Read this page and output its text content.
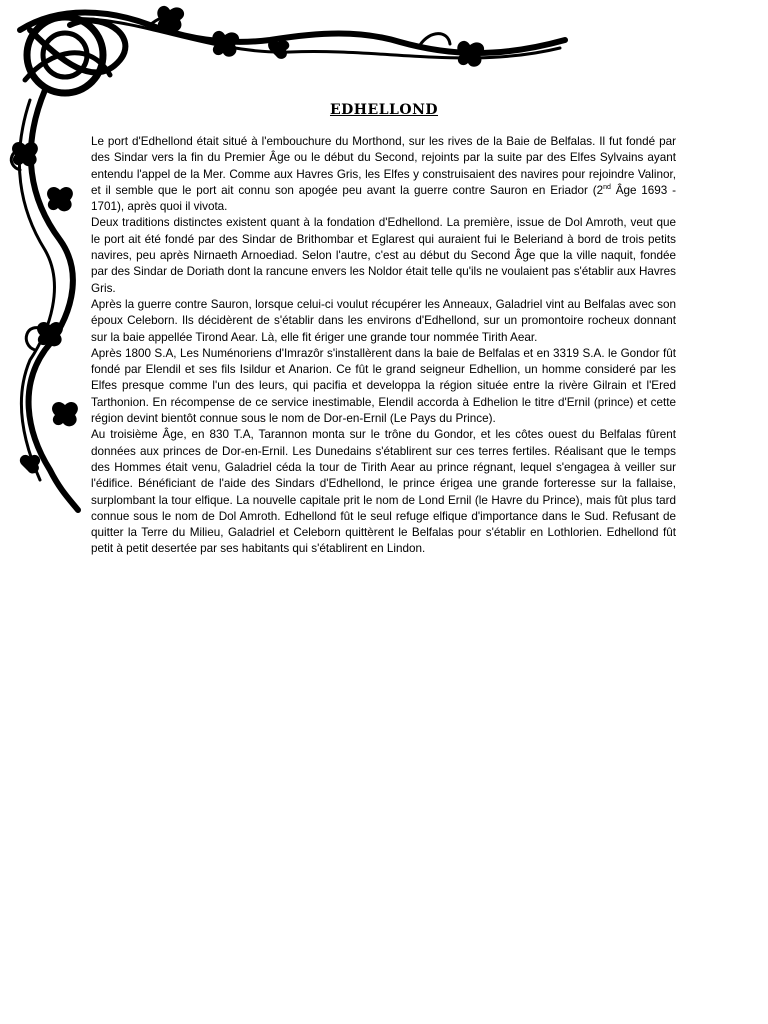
EDHELLOND

Le port d'Edhellond était situé à l'embouchure du Morthond, sur les rives de la Baie de Belfalas. Il fut fondé par des Sindar vers la fin du Premier Âge ou le début du Second, rejoints par la suite par des Elfes Sylvains ayant entendu l'appel de la Mer. Comme aux Havres Gris, les Elfes y construisaient des navires pour rejoindre Valinor, et il semble que le port ait connu son apogée peu avant la guerre contre Sauron en Eriador (2nd Âge 1693 - 1701), après quoi il vivota.

Deux traditions distinctes existent quant à la fondation d'Edhellond. La première, issue de Dol Amroth, veut que le port ait été fondé par des Sindar de Brithombar et Eglarest qui auraient fui le Beleriand à bord de trois petits navires, peu après Nirnaeth Arnoediad. Selon l'autre, c'est au début du Second Âge que la ville naquit, fondée par des Sindar de Doriath dont la rancune envers les Noldor était telle qu'ils ne voulaient pas s'établir aux Havres Gris.

Après la guerre contre Sauron, lorsque celui-ci voulut récupérer les Anneaux, Galadriel vint au Belfalas avec son époux Celeborn. Ils décidèrent de s'établir dans les environs d'Edhellond, sur un promontoire rocheux donnant sur la baie appellée Tirond Aear. Là, elle fit ériger une grande tour nommée Tirith Aear.

Après 1800 S.A, Les Numénoriens d'Imrazôr s'installèrent dans la baie de Belfalas et en 3319 S.A. le Gondor fût fondé par Elendil et ses fils Isildur et Anarion. Ce fût le grand seigneur Edhellion, un homme consideré par les Elfes presque comme l'un des leurs, qui pacifia et developpa la région située entre la rivère Gilrain et l'Ered Tarthonion. En récompense de ce service inestimable, Elendil accorda à Edhelion le titre d'Ernil (prince) et cette région devint bientôt connue sous le nom de Dor-en-Ernil (Le Pays du Prince).

Au troisième Âge, en 830 T.A, Tarannon monta sur le trône du Gondor, et les côtes ouest du Belfalas fûrent données aux princes de Dor-en-Ernil. Les Dunedains s'établirent sur ces terres fertiles. Réalisant que le temps des Hommes était venu, Galadriel céda la tour de Tirith Aear au prince régnant, lequel s'engagea à veiller sur l'édifice. Bénéficiant de l'aide des Sindars d'Edhellond, le prince érigea une grande forteresse sur la fallaise, surplombant la tour elfique. La nouvelle capitale prit le nom de Lond Ernil (le Havre du Prince), mais fût plus tard connue sous le nom de Dol Amroth. Edhellond fût le seul refuge elfique d'importance dans le Sud. Refusant de quitter la Terre du Milieu, Galadriel et Celeborn quittèrent le Belfalas pour s'établir en Lothlorien. Edhellond fût petit à petit desertée par ses habitants qui s'établirent en Lindon.
